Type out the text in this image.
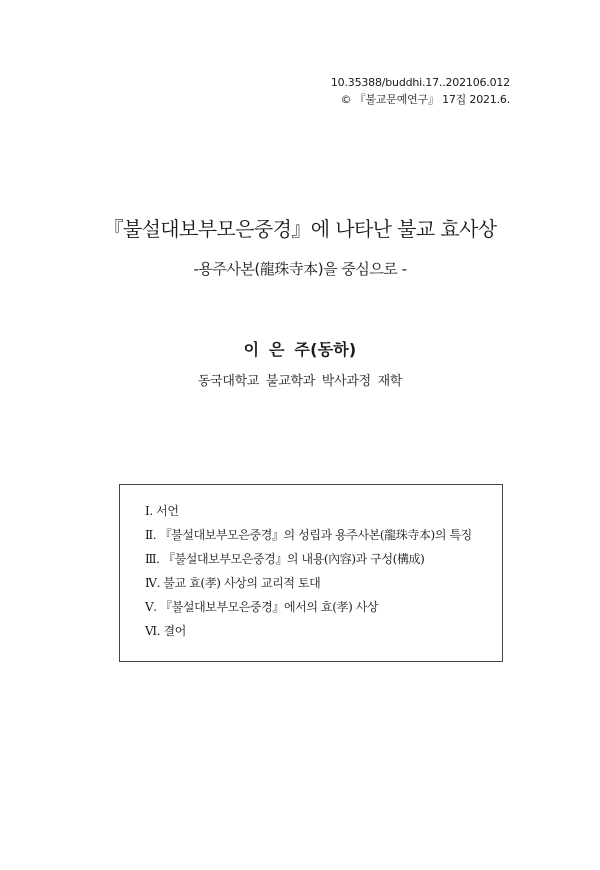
10.35388/buddhi.17..202106.012
© 『불교문예연구』 17집 2021.6.
『불설대보부모은중경』에 나타난 불교 효사상
-용주사본(龍珠寺本)을 중심으로 -
이 은 주(동하)
동국대학교 불교학과 박사과정 재학
Ⅰ. 서언
Ⅱ. 『불설대보부모은중경』의 성립과 용주사본(龍珠寺本)의 특징
Ⅲ. 『불설대보부모은중경』의 내용(內容)과 구성(構成)
Ⅳ. 불교 효(孝) 사상의 교리적 토대
Ⅴ. 『불설대보부모은중경』에서의 효(孝) 사상
Ⅵ. 결어
